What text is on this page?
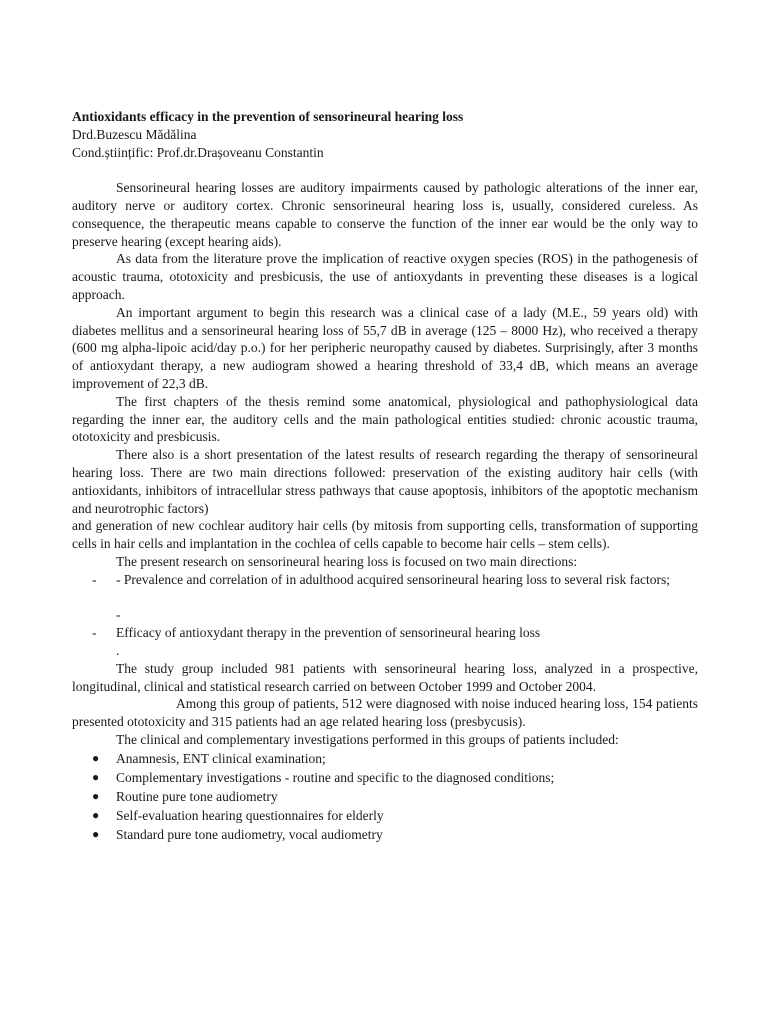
Antioxidants efficacy in the prevention of sensorineural hearing loss
Drd.Buzescu Mădălina
Cond.științific: Prof.dr.Drașoveanu Constantin

Sensorineural hearing losses are auditory impairments caused by pathologic alterations of the inner ear, auditory nerve or auditory cortex. Chronic sensorineural hearing loss is, usually, considered cureless. As consequence, the therapeutic means capable to conserve the function of the inner ear would be the only way to preserve hearing (except hearing aids).

As data from the literature prove the implication of reactive oxygen species (ROS) in the pathogenesis of acoustic trauma, ototoxicity and presbicusis, the use of antioxydants in preventing these diseases is a logical approach.

An important argument to begin this research was a clinical case of a lady (M.E., 59 years old) with diabetes mellitus and a sensorineural hearing loss of 55,7 dB in average (125 – 8000 Hz), who received a therapy (600 mg alpha-lipoic acid/day p.o.) for her peripheric neuropathy caused by diabetes. Surprisingly, after 3 months of antioxydant therapy, a new audiogram showed a hearing threshold of 33,4 dB, which means an average improvement of 22,3 dB.

The first chapters of the thesis remind some anatomical, physiological and pathophysiological data regarding the inner ear, the auditory cells and the main pathological entities studied: chronic acoustic trauma, ototoxicity and presbicusis.

There also is a short presentation of the latest results of research regarding the therapy of sensorineural hearing loss. There are two main directions followed: preservation of the existing auditory hair cells (with antioxidants, inhibitors of intracellular stress pathways that cause apoptosis, inhibitors of the apoptotic mechanism and neurotrophic factors)

and generation of new cochlear auditory hair cells (by mitosis from supporting cells, transformation of supporting cells in hair cells and implantation in the cochlea of cells capable to become hair cells – stem cells).

The present research on sensorineural hearing loss is focused on two main directions:

- - Prevalence and correlation of in adulthood acquired sensorineural hearing loss to several risk factors;
-
- Efficacy of antioxydant therapy in the prevention of sensorineural hearing loss
.

The study group included 981 patients with sensorineural hearing loss, analyzed in a prospective, longitudinal, clinical and statistical research carried on between October 1999 and October 2004.

Among this group of patients, 512 were diagnosed with noise induced hearing loss, 154 patients presented ototoxicity and 315 patients had an age related hearing loss (presbycusis).

The clinical and complementary investigations performed in this groups of patients included:

● Anamnesis, ENT clinical examination;
● Complementary investigations - routine and specific to the diagnosed conditions;
● Routine pure tone audiometry
● Self-evaluation hearing questionnaires for elderly
● Standard pure tone audiometry, vocal audiometry
